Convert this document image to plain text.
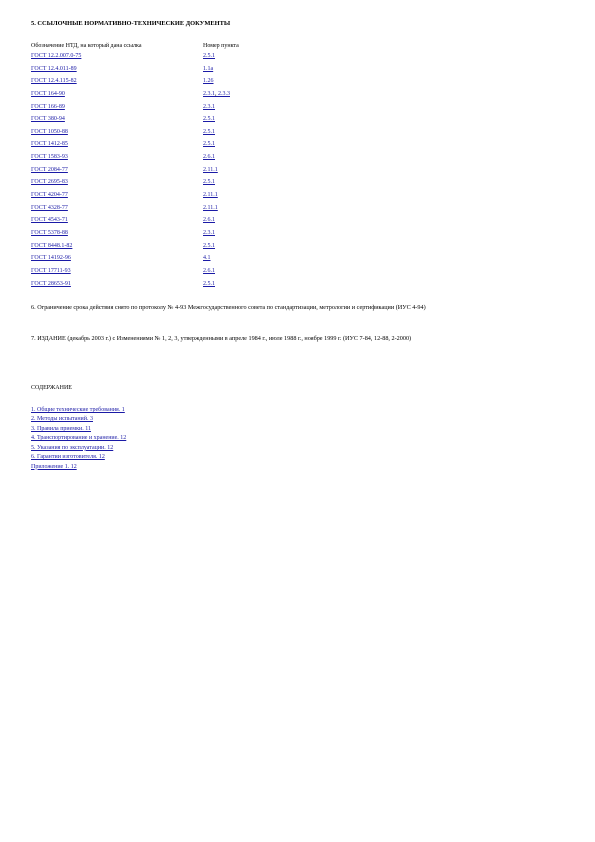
5. ССЫЛОЧНЫЕ НОРМАТИВНО-ТЕХНИЧЕСКИЕ ДОКУМЕНТЫ
Обозначение НТД, на который дана ссылка	Номер пункта
ГОСТ 12.2.007.0-75	2.5.1
ГОСТ 12.4.011-89	1.1а
ГОСТ 12.4.115-82	1.26
ГОСТ 164-90	2.3.1, 2.3.3
ГОСТ 166-89	2.3.1
ГОСТ 380-94	2.5.1
ГОСТ 1050-88	2.5.1
ГОСТ 1412-85	2.5.1
ГОСТ 1583-93	2.6.1
ГОСТ 2084-77	2.11.1
ГОСТ 2695-83	2.5.1
ГОСТ 4204-77	2.11.1
ГОСТ 4328-77	2.11.1
ГОСТ 4543-71	2.6.1
ГОСТ 5378-88	2.3.1
ГОСТ 8448.1-82	2.5.1
ГОСТ 14192-96	4.1
ГОСТ 17711-93	2.6.1
ГОСТ 28653-91	2.5.1
6. Ограничение срока действия снято по протоколу № 4-93 Межгосударственного совета по стандартизации, метрологии и сертификации (ИУС 4-94)
7. ИЗДАНИЕ (декабрь 2003 г.) с Изменениями № 1, 2, 3, утвержденными в апреле 1984 г., июле 1988 г., ноябре 1999 г. (ИУС 7-84, 12-88, 2-2000)
СОДЕРЖАНИЕ
1. Общие технические требования. 1
2. Методы испытаний. 3
3. Правила приемки. 11
4. Транспортирование и хранение. 12
5. Указания по эксплуатации. 12
6. Гарантии изготовителя. 12
Приложение 1. 12
